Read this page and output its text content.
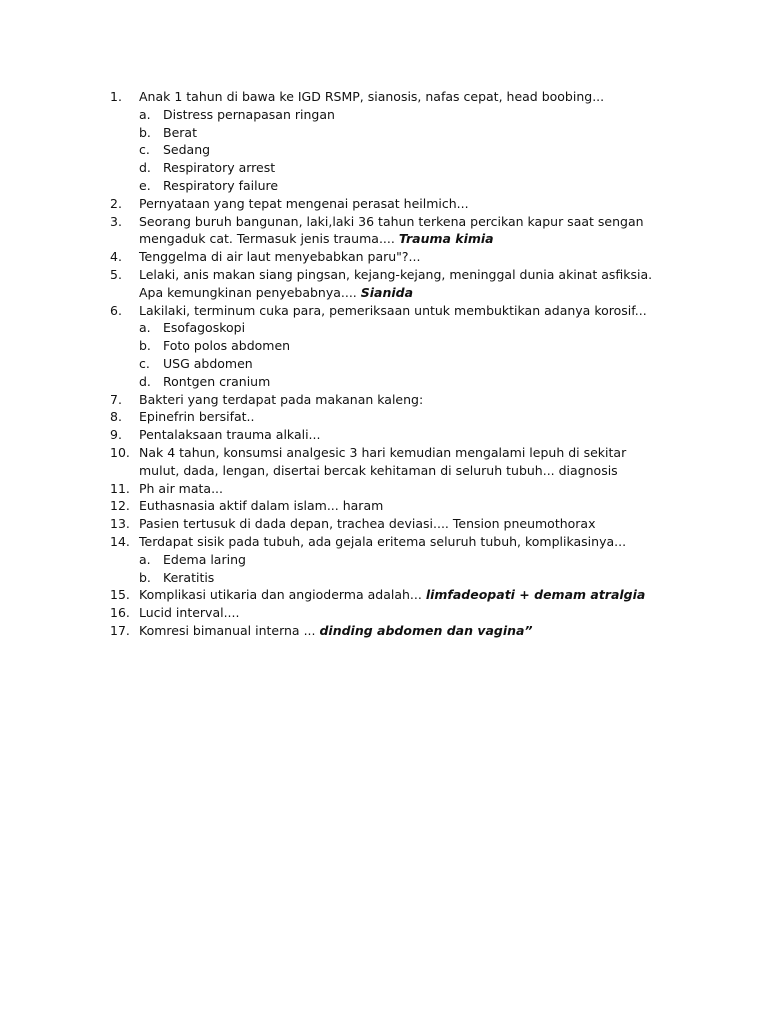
1.	Anak 1 tahun di bawa ke IGD RSMP, sianosis, nafas cepat, head boobing...
a. Distress pernapasan ringan
b. Berat
c.	Sedang
d. Respiratory arrest
e. Respiratory failure
2.	Pernyataan yang tepat mengenai perasat heilmich...
3.	Seorang buruh bangunan, laki,laki 36 tahun terkena percikan kapur saat sengan mengaduk cat. Termasuk jenis trauma.... Trauma kimia
4.	Tenggelma di air laut menyebabkan paru"?...
5.	Lelaki, anis makan siang pingsan, kejang-kejang, meninggal dunia akinat asfiksia. Apa kemungkinan penyebabnya.... Sianida
6.	Lakilaki, terminum cuka para, pemeriksaan untuk membuktikan adanya korosif...
a. Esofagoskopi
b. Foto polos abdomen
c.	USG abdomen
d. Rontgen cranium
7.	Bakteri yang terdapat pada makanan kaleng:
8.	Epinefrin bersifat..
9.	Pentalaksaan trauma alkali...
10. Nak 4 tahun, konsumsi analgesic 3 hari kemudian mengalami lepuh di sekitar mulut, dada, lengan, disertai bercak kehitaman di seluruh tubuh... diagnosis
11. Ph air mata...
12. Euthasnasia aktif dalam islam... haram
13. Pasien tertusuk di dada depan, trachea deviasi.... Tension pneumothorax
14. Terdapat sisik pada tubuh, ada gejala eritema seluruh tubuh, komplikasinya...
a. Edema laring
b. Keratitis
15. Komplikasi utikaria dan angioderma adalah... limfadeopati + demam atralgia
16. Lucid interval....
17. Komresi bimanual interna ... dinding abdomen dan vagina”
